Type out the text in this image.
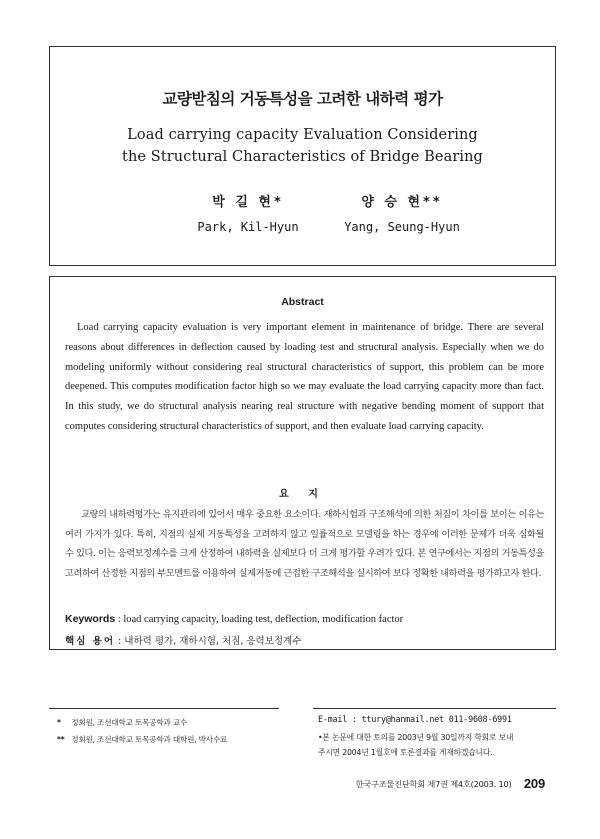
교량받침의 거동특성을 고려한 내하력 평가
Load carrying capacity Evaluation Considering
the Structural Characteristics of Bridge Bearing
박 길 현*
Park, Kil-Hyun
양 승 현**
Yang, Seung-Hyun
Abstract
Load carrying capacity evaluation is very important element in maintenance of bridge. There are several reasons about differences in deflection caused by loading test and structural analysis. Especially when we do modeling uniformly without considering real structural characteristics of support, this problem can be more deepened. This computes modification factor high so we may evaluate the load carrying capacity more than fact. In this study, we do structural analysis nearing real structure with negative bending moment of support that computes considering structural characteristics of support, and then evaluate load carrying capacity.
요 지
교량의 내하력평가는 유지관리에 있어서 매우 중요한 요소이다. 재하시험과 구조해석에 의한 처짐이 차이를 보이는 이유는 여러 가지가 있다. 특히, 지점의 실제 거동특성을 고려하지 않고 일률적으로 모델링을 하는 경우에 이러한 문제가 더욱 심화될 수 있다. 이는 응력보정계수를 크게 산정하여 내하력을 실제보다 더 크게 평가할 우려가 있다. 본 연구에서는 지점의 거동특성을 고려하여 산정한 지점의 부모멘트를 이용하여 실제거동에 근접한 구조해석을 실시하여 보다 정확한 내하력을 평가하고자 한다.
Keywords : load carrying capacity, loading test, deflection, modification factor
핵심 용어 : 내하력 평가, 재하시험, 처짐, 응력보정계수
* 정회원, 조선대학교 토목공학과 교수
** 정회원, 조선대학교 토목공학과 대학원, 박사수료
E-mail : ttury@hanmail.net 011-9608-6991
•본 논문에 대한 토의를 2003년 9월 30일까지 학회로 보내
주시면 2004년 1월호에 토론결과를 게재하겠습니다.
한국구조물진단학회 제7권 제4호(2003. 10) 209
